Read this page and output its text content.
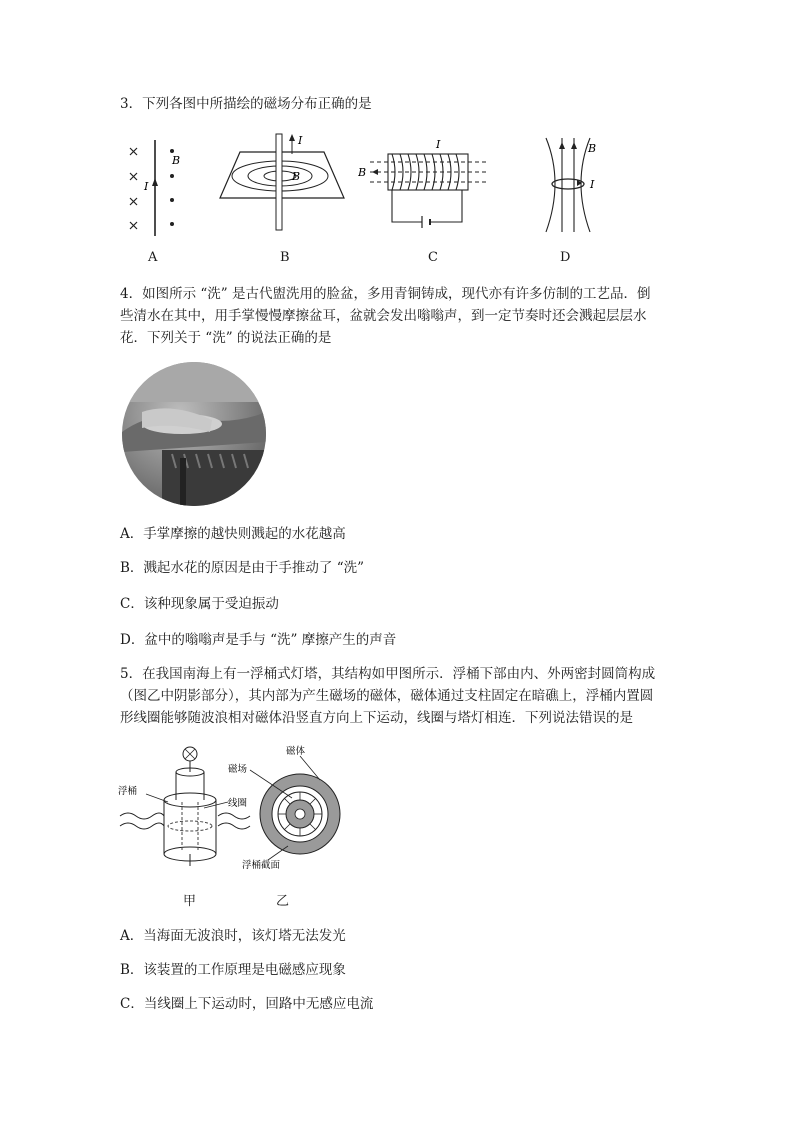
3．下列各图中所描绘的磁场分布正确的是
I
B
I
B	B
I	B
I
A	B	C	D
4．如图所示 “洗” 是古代盥洗用的脸盆，多用青铜铸成，现代亦有许多仿制的工艺品．倒
些清水在其中，用手掌慢慢摩擦盆耳，盆就会发出嗡嗡声，到一定节奏时还会溅起层层水
花．下列关于 “洗” 的说法正确的是
A．手掌摩擦的越快则溅起的水花越高
B．溅起水花的原因是由于手推动了 “洗”
C．该种现象属于受迫振动
D．盆中的嗡嗡声是手与 “洗” 摩擦产生的声音
5．在我国南海上有一浮桶式灯塔，其结构如甲图所示．浮桶下部由内、外两密封圆筒构成
（图乙中阴影部分），其内部为产生磁场的磁体，磁体通过支柱固定在暗礁上，浮桶内置圆
形线圈能够随波浪相对磁体沿竖直方向上下运动，线圈与塔灯相连．下列说法错误的是
浮桶
线圈
磁场
磁体
浮桶截面
甲	乙
A．当海面无波浪时，该灯塔无法发光
B．该装置的工作原理是电磁感应现象
C．当线圈上下运动时，回路中无感应电流
